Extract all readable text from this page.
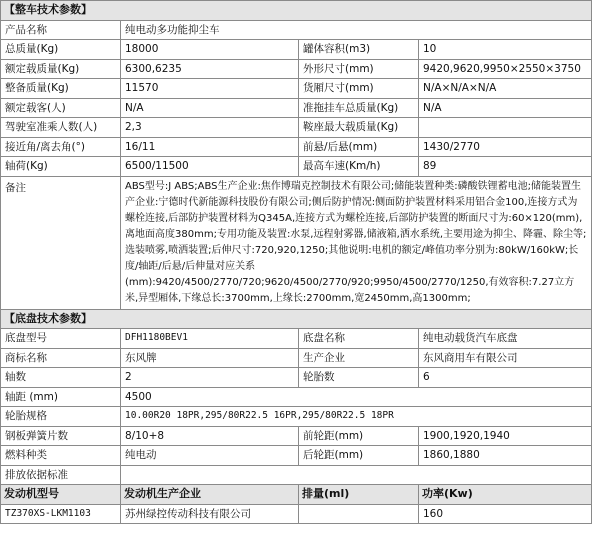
【整车技术参数】			
产品名称	纯电动多功能抑尘车		
总质量(Kg)	18000	罐体容积(m3)	10
额定载质量(Kg)	6300,6235	外形尺寸(mm)	9420,9620,9950×2550×3750
整备质量(Kg)	11570	货厢尺寸(mm)	N/A×N/A×N/A
额定载客(人)	N/A	准拖挂车总质量(Kg)	N/A
驾驶室准乘人数(人)	2,3	鞍座最大载质量(Kg)	
接近角/离去角(°)	16/11	前悬/后悬(mm)	1430/2770
轴荷(Kg)	6500/11500	最高车速(Km/h)	89
备注	ABS型号:J ABS;ABS生产企业:焦作博瑞克控制技术有限公司;储能装置种类:磷酸铁锂蓄电池;储能装置生产企业:宁德时代新能源科技股份有限公司;侧后防护情况:侧面防护装置材料采用铝合金100,连接方式为螺栓连接,后部防护装置材料为Q345A,连接方式为螺栓连接,后部防护装置的断面尺寸为:60×120(mm),离地面高度380mm;专用功能及装置:水泵,远程射雾器,储液箱,洒水系统,主要用途为抑尘、降霾、除尘等;选装喷雾,喷洒装置;后伸尺寸:720,920,1250;其他说明:电机的额定/峰值功率分别为:80kW/160kW;长度/轴距/后悬/后伸量对应关系(mm):9420/4500/2770/720;9620/4500/2770/920;9950/4500/2770/1250,有效容积:7.27立方米,异型厢体,下缘总长:3700mm,上缘长:2700mm,宽2450mm,高1300mm;		
【底盘技术参数】			
底盘型号	DFH1180BEV1	底盘名称	纯电动载货汽车底盘
商标名称	东风牌	生产企业	东风商用车有限公司
轴数	2	轮胎数	6
轴距 (mm)	4500		
轮胎规格	10.00R20 18PR,295/80R22.5 16PR,295/80R22.5 18PR		
钢板弹簧片数	8/10+8	前轮距(mm)	1900,1920,1940
燃料种类	纯电动	后轮距(mm)	1860,1880
排放依据标准			
发动机型号	发动机生产企业	排量(ml)	功率(Kw)
TZ370XS-LKM1103	苏州绿控传动科技有限公司		160
